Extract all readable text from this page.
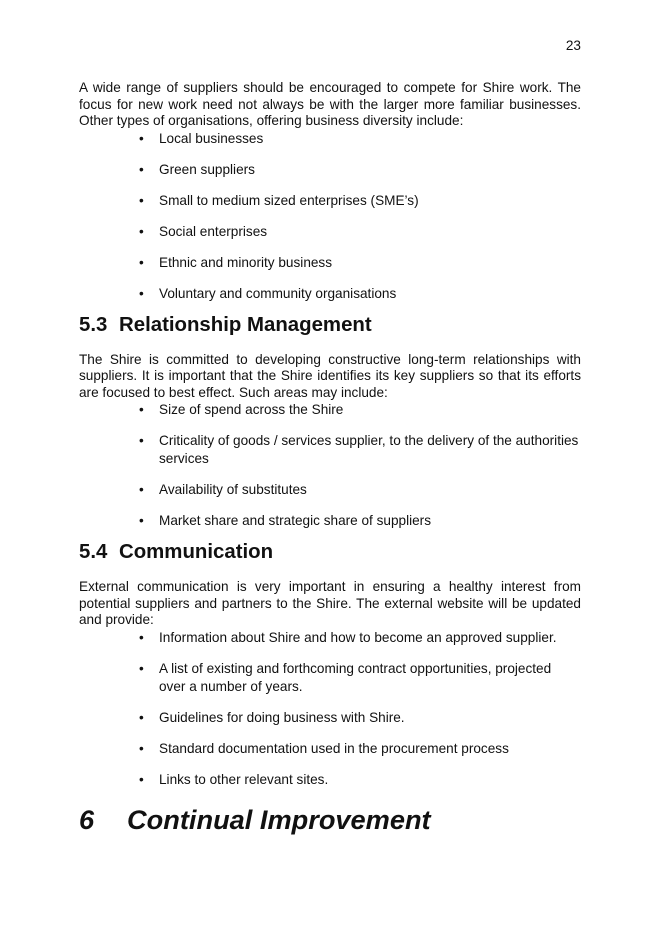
23

A wide range of suppliers should be encouraged to compete for Shire work. The focus for new work need not always be with the larger more familiar businesses. Other types of organisations, offering business diversity include:

• Local businesses
• Green suppliers
• Small to medium sized enterprises (SME’s)
• Social enterprises
• Ethnic and minority business
• Voluntary and community organisations
5.3 Relationship Management

The Shire is committed to developing constructive long-term relationships with suppliers. It is important that the Shire identifies its key suppliers so that its efforts are focused to best effect. Such areas may include:

• Size of spend across the Shire
• Criticality of goods / services supplier, to the delivery of the authorities services
• Availability of substitutes
• Market share and strategic share of suppliers
5.4 Communication

External communication is very important in ensuring a healthy interest from potential suppliers and partners to the Shire. The external website will be updated and provide:

• Information about Shire and how to become an approved supplier.
• A list of existing and forthcoming contract opportunities, projected over a number of years.
• Guidelines for doing business with Shire.
• Standard documentation used in the procurement process
• Links to other relevant sites.
6 Continual Improvement
